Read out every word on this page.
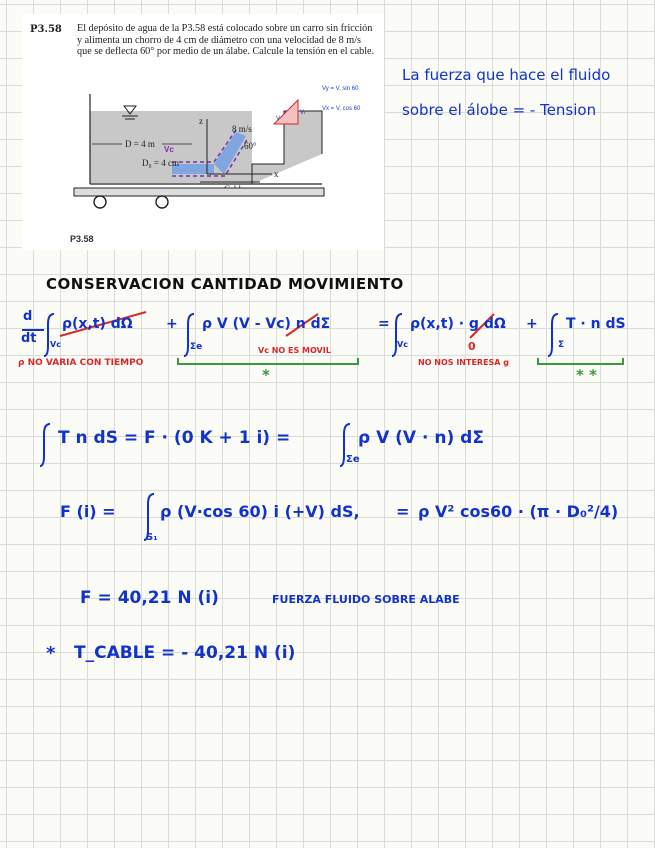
P3.58 El depósito de agua de la P3.58 está colocado sobre un carro sin fricción y alimenta un chorro de 4 cm de diámetro con una velocidad de 8 m/s que se deflecta 60° por medio de un álabe. Calcule la tensión en el cable.

D = 4 m
x
z
8 m/s
60°
D₀ = 4 cm
Vc
V
Vr
Vy = V, sin 60
Vx = V, cos 60
P3.58
La fuerza que hace el fluido
sobre el álobe = - Tension
CONSERVACION CANTIDAD MOVIMIENTO
d
dt
ρ(x,t) dΩ
Vc
+ ρ V (V - Vc) n dΣ
Σe
= ρ(x,t) · g dΩ
Vc
+ T · n dS
Σ
0
ρ NO VARIA CON TIEMPO
Vc NO ES MOVIL
NO NOS INTERESA g
*	* *
T n dS = F · (0 K + 1 i) =	ρ V (V · n) dΣ
Σe
F (i) =	ρ (V·cos 60) i (+V) dS,
S₁
= ρ V² cos60 · (π · D₀²/4)
F = 40,21 N (i)	FUERZA FLUIDO SOBRE ALABE
* T_CABLE = - 40,21 N (i)
